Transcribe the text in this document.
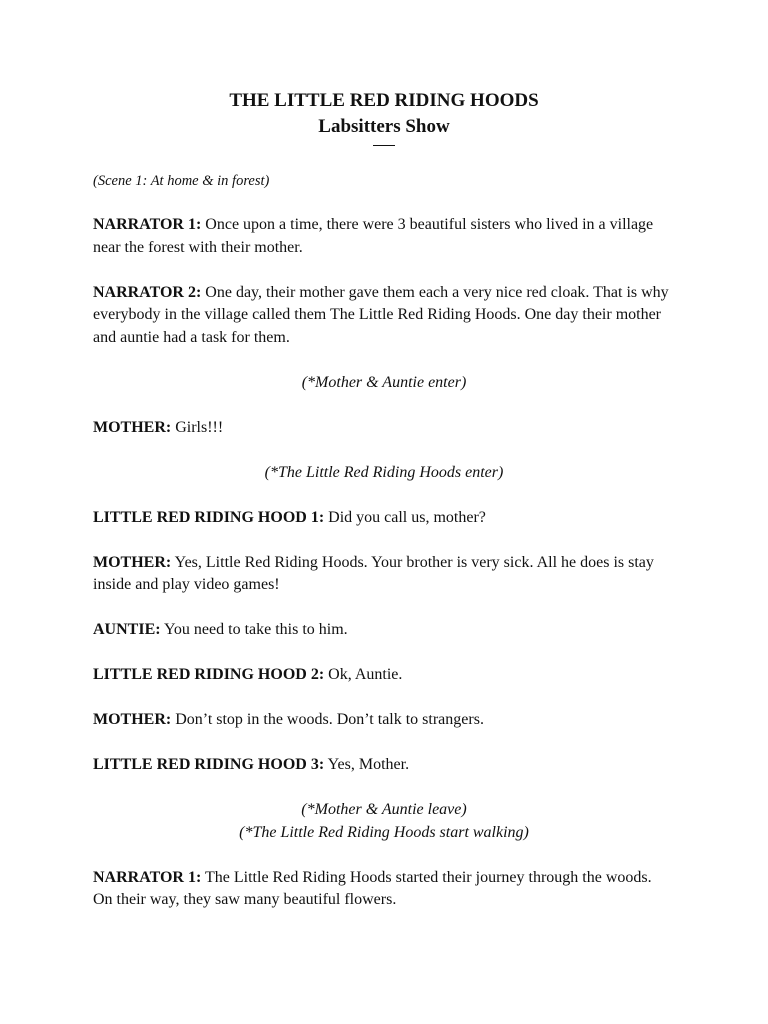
THE LITTLE RED RIDING HOODS

Labsitters Show

(Scene 1: At home & in forest)

NARRATOR 1: Once upon a time, there were 3 beautiful sisters who lived in a village near the forest with their mother.

NARRATOR 2: One day, their mother gave them each a very nice red cloak. That is why everybody in the village called them The Little Red Riding Hoods. One day their mother and auntie had a task for them.

(*Mother & Auntie enter)

MOTHER: Girls!!!

(*The Little Red Riding Hoods enter)

LITTLE RED RIDING HOOD 1: Did you call us, mother?

MOTHER: Yes, Little Red Riding Hoods. Your brother is very sick. All he does is stay inside and play video games!

AUNTIE: You need to take this to him.

LITTLE RED RIDING HOOD 2: Ok, Auntie.

MOTHER: Don’t stop in the woods. Don’t talk to strangers.

LITTLE RED RIDING HOOD 3: Yes, Mother.

(*Mother & Auntie leave)
(*The Little Red Riding Hoods start walking)

NARRATOR 1: The Little Red Riding Hoods started their journey through the woods. On their way, they saw many beautiful flowers.
